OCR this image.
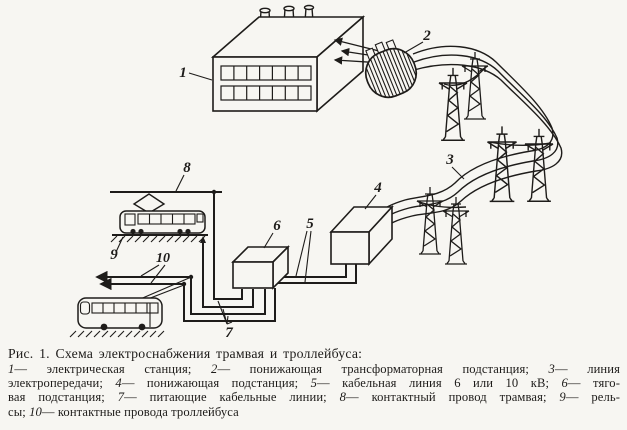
1
2
3
4
5
6
7
8
9	10
Рис. 1. Схема электроснабжения трамвая и троллейбуса:
1— электрическая станция; 2— понижающая трансформаторная подстанция; 3— линия
электропередачи; 4— понижающая подстанция; 5— кабельная линия 6 или 10 кВ; 6— тяго-
вая подстанция; 7— питающие кабельные линии; 8— контактный провод трамвая; 9— рель-
сы; 10— контактные провода троллейбуса
